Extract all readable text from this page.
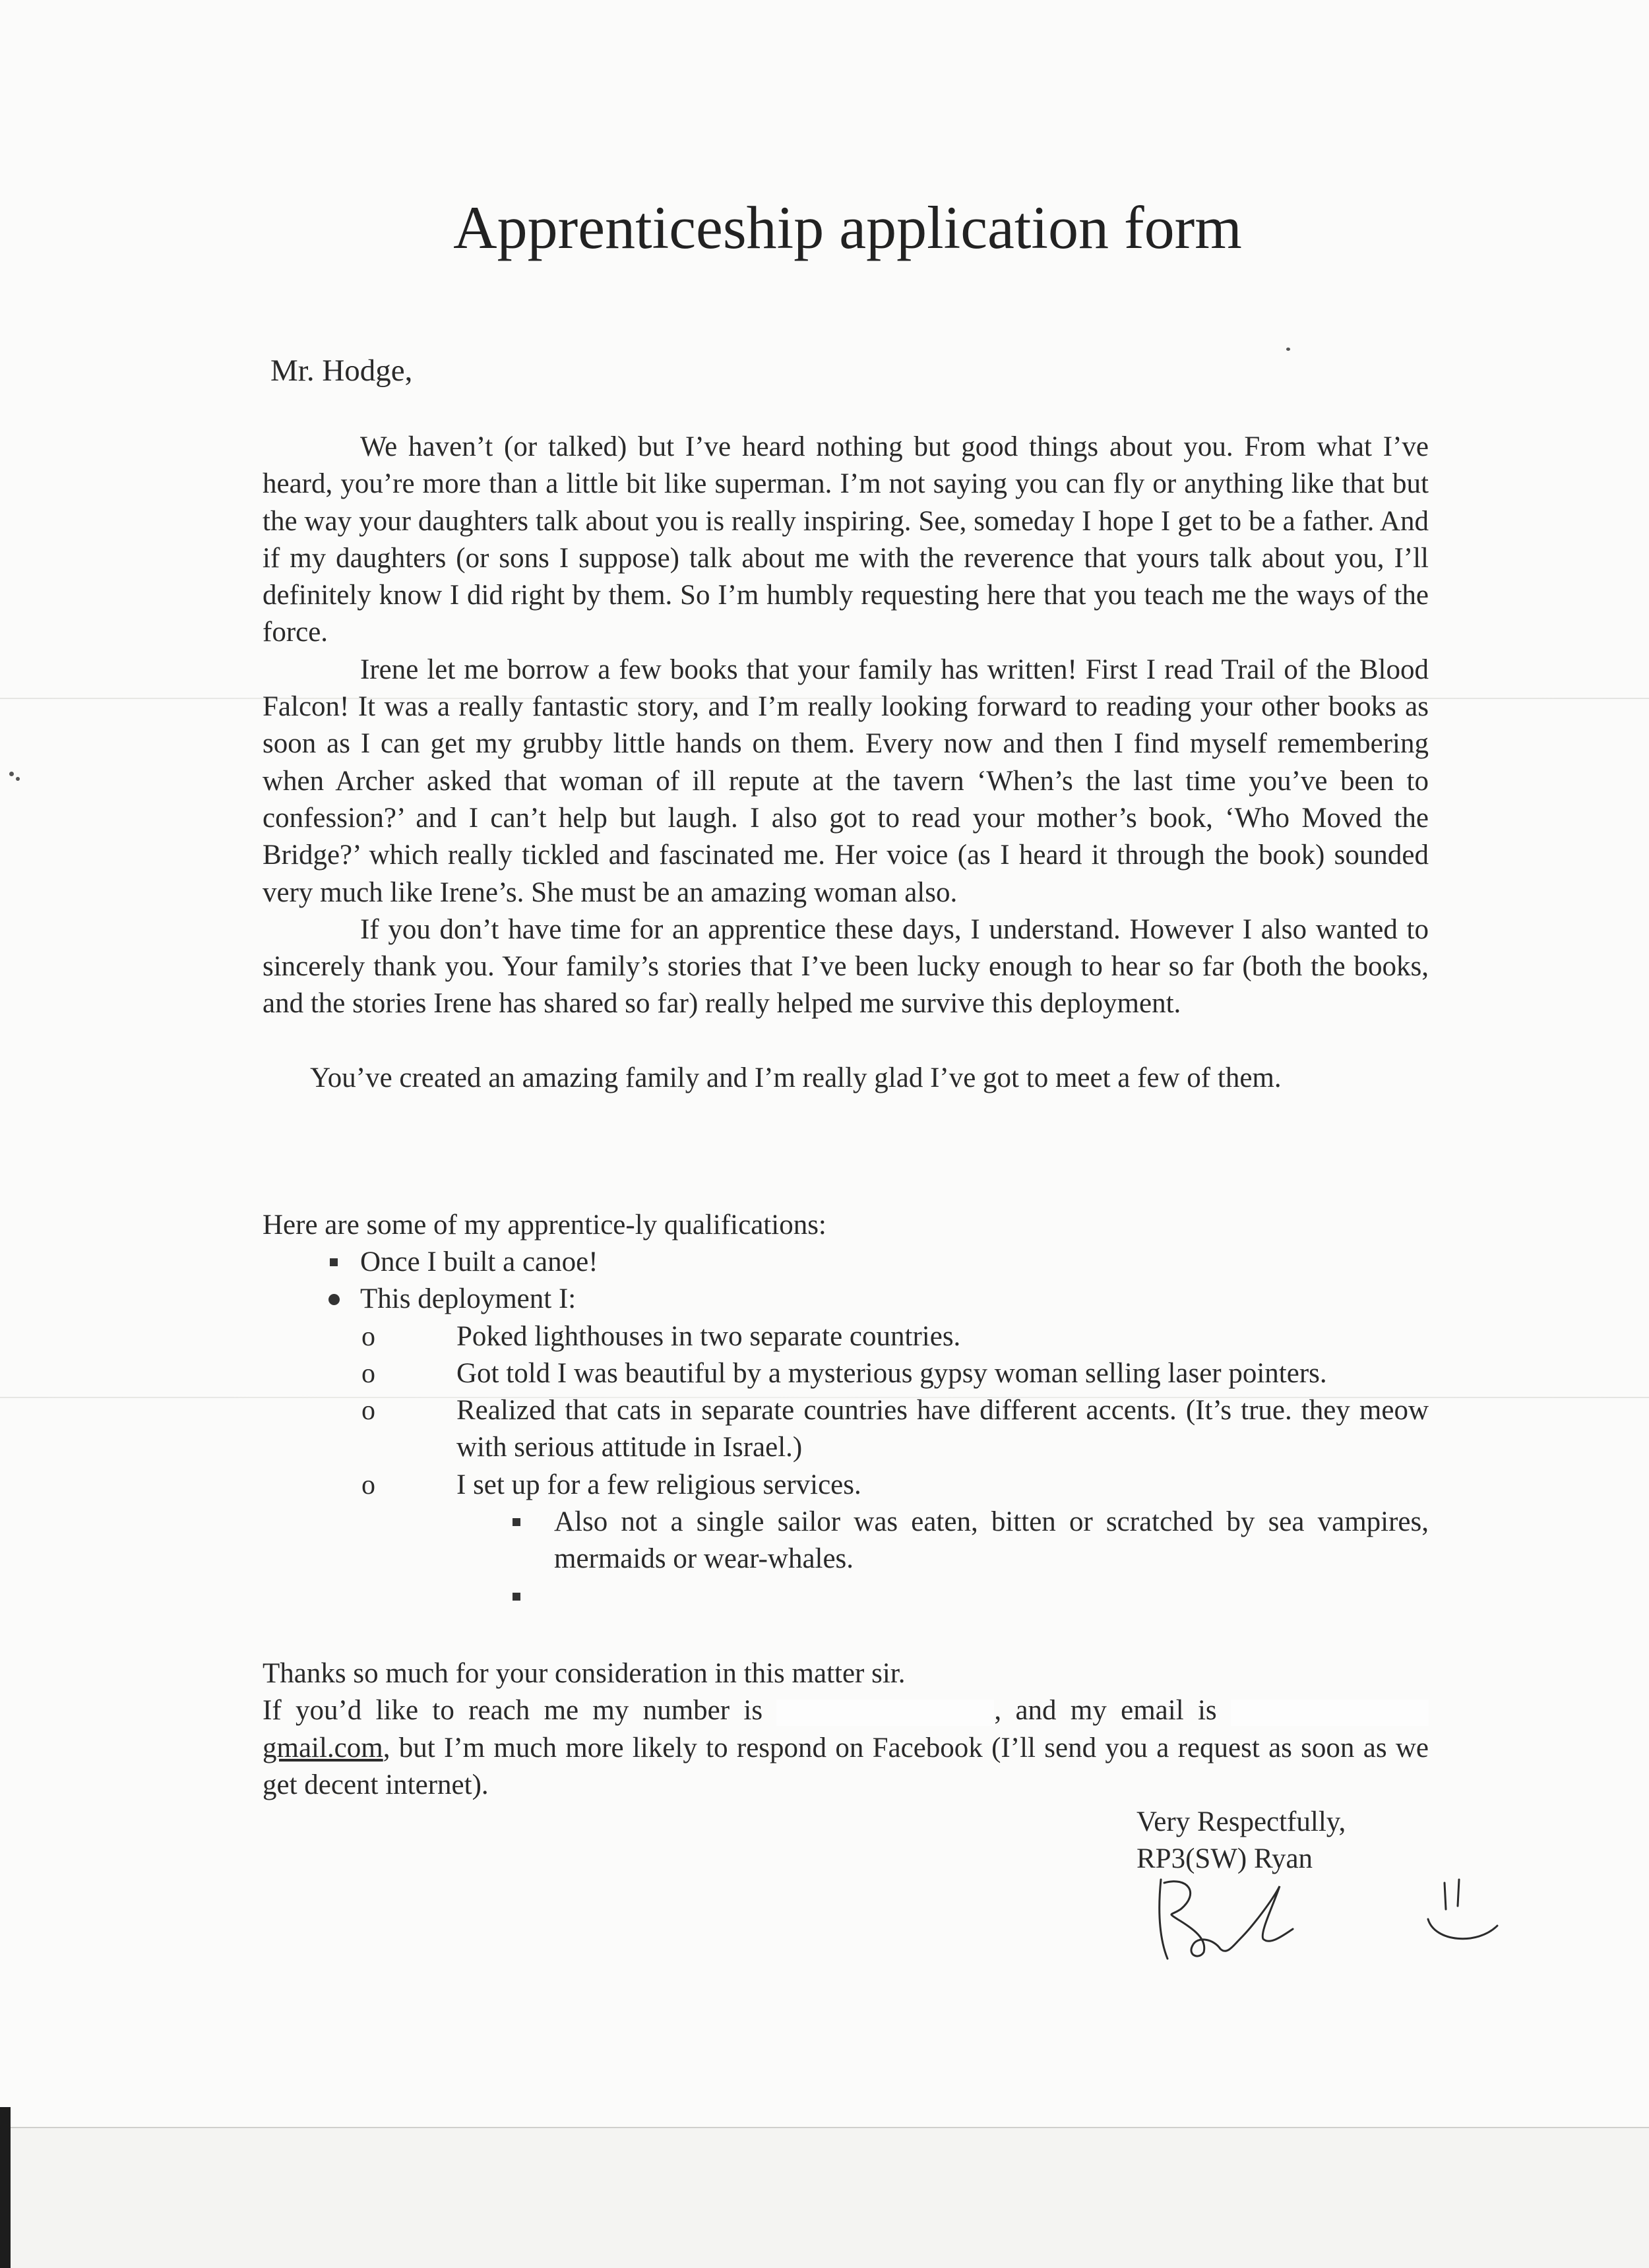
Apprenticeship application form
Mr. Hodge,

We haven’t (or talked) but I’ve heard nothing but good things about you. From what I’ve heard, you’re more than a little bit like superman. I’m not saying you can fly or anything like that but the way your daughters talk about you is really inspiring. See, someday I hope I get to be a father. And if my daughters (or sons I suppose) talk about me with the reverence that yours talk about you, I’ll definitely know I did right by them. So I’m humbly requesting here that you teach me the ways of the force.

Irene let me borrow a few books that your family has written! First I read Trail of the Blood Falcon! It was a really fantastic story, and I’m really looking forward to reading your other books as soon as I can get my grubby little hands on them. Every now and then I find myself remembering when Archer asked that woman of ill repute at the tavern ‘When’s the last time you’ve been to confession?’ and I can’t help but laugh. I also got to read your mother’s book, ‘Who Moved the Bridge?’ which really tickled and fascinated me. Her voice (as I heard it through the book) sounded very much like Irene’s. She must be an amazing woman also.

If you don’t have time for an apprentice these days, I understand. However I also wanted to sincerely thank you. Your family’s stories that I’ve been lucky enough to hear so far (both the books, and the stories Irene has shared so far) really helped me survive this deployment.

You’ve created an amazing family and I’m really glad I’ve got to meet a few of them.

Here are some of my apprentice-ly qualifications:
Once I built a canoe!
This deployment I:
o	Poked lighthouses in two separate countries.
o	Got told I was beautiful by a mysterious gypsy woman selling laser pointers.
o	Realized that cats in separate countries have different accents. (It’s true. they meow with serious attitude in Israel.)
o	I set up for a few religious services.
Also not a single sailor was eaten, bitten or scratched by sea vampires, mermaids or wear-whales.

Thanks so much for your consideration in this matter sir.

If you’d like to reach me my number is	, and my email is gmail.com, but I’m much more likely to respond on Facebook (I’ll send you a request as soon as we get decent internet).

Very Respectfully,
RP3(SW) Ryan
